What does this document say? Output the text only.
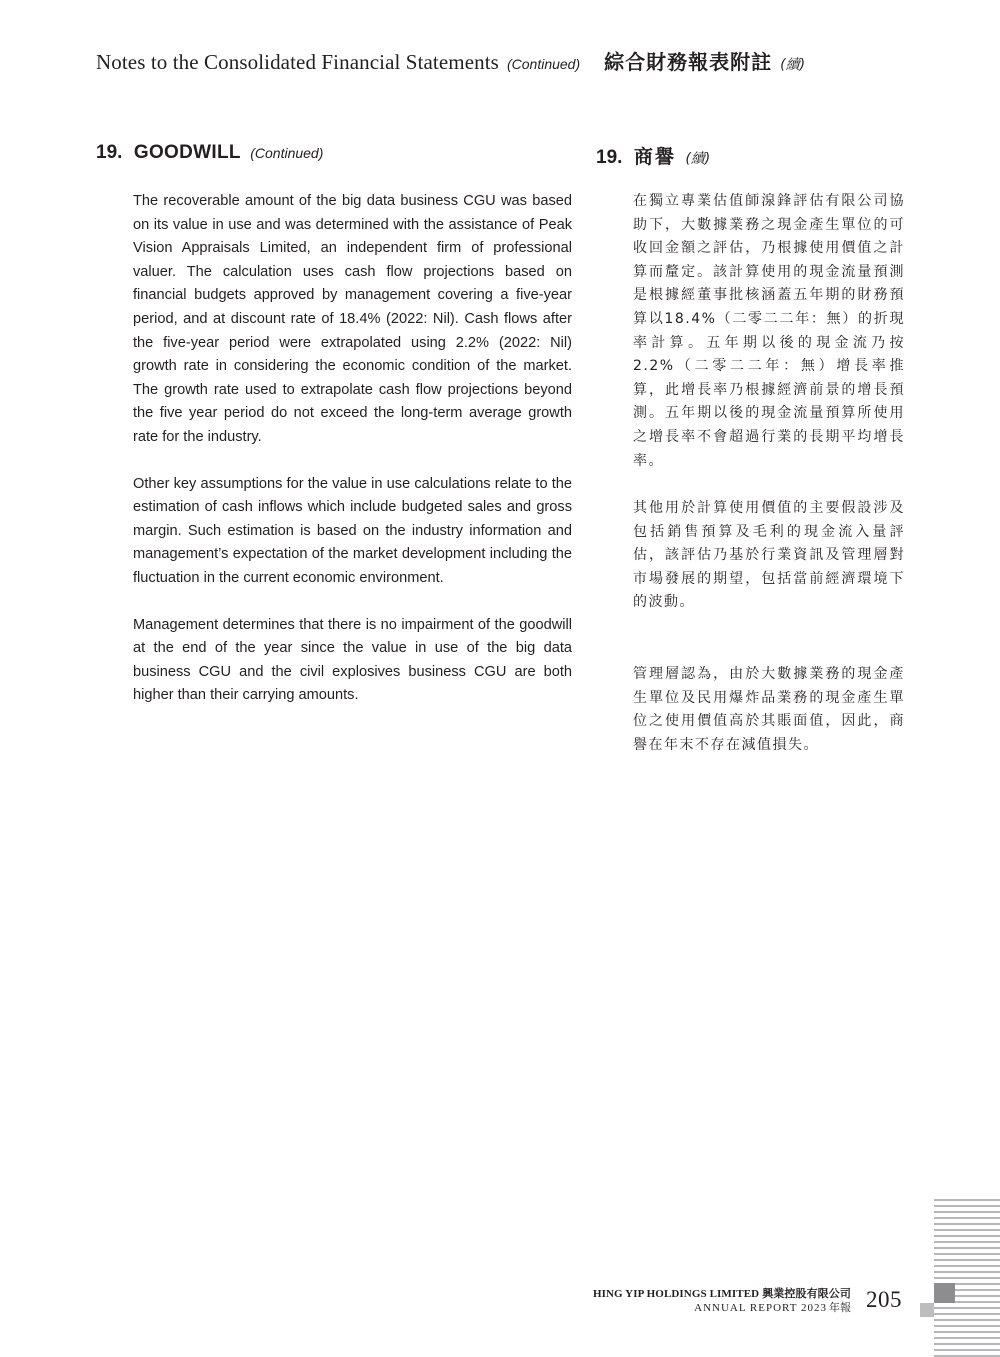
Notes to the Consolidated Financial Statements (Continued) 綜合財務報表附註 (續)
19. GOODWILL (Continued)	19. 商譽 (續)

The recoverable amount of the big data business CGU was based on its value in use and was determined with the assistance of Peak Vision Appraisals Limited, an independent firm of professional valuer. The calculation uses cash flow projections based on financial budgets approved by management covering a five-year period, and at discount rate of 18.4% (2022: Nil). Cash flows after the five-year period were extrapolated using 2.2% (2022: Nil) growth rate in considering the economic condition of the market. The growth rate used to extrapolate cash flow projections beyond the five year period do not exceed the long-term average growth rate for the industry.

Other key assumptions for the value in use calculations relate to the estimation of cash inflows which include budgeted sales and gross margin. Such estimation is based on the industry information and management’s expectation of the market development including the fluctuation in the current economic environment.

Management determines that there is no impairment of the goodwill at the end of the year since the value in use of the big data business CGU and the civil explosives business CGU are both higher than their carrying amounts.

在獨立專業估值師湶鋒評估有限公司協助下，大數據業務之現金產生單位的可收回金額之評估，乃根據使用價值之計算而釐定。該計算使用的現金流量預測是根據經董事批核涵蓋五年期的財務預算以18.4%（二零二二年：無）的折現率計算。五年期以後的現金流乃按2.2%（二零二二年：無）增長率推算，此增長率乃根據經濟前景的增長預測。五年期以後的現金流量預算所使用之增長率不會超過行業的長期平均增長率。

其他用於計算使用價值的主要假設涉及包括銷售預算及毛利的現金流入量評估，該評估乃基於行業資訊及管理層對市場發展的期望，包括當前經濟環境下的波動。

管理層認為，由於大數據業務的現金產生單位及民用爆炸品業務的現金產生單位之使用價值高於其賬面值，因此，商譽在年末不存在減值損失。

HING YIP HOLDINGS LIMITED 興業控股有限公司
ANNUAL REPORT 2023 年報 205
